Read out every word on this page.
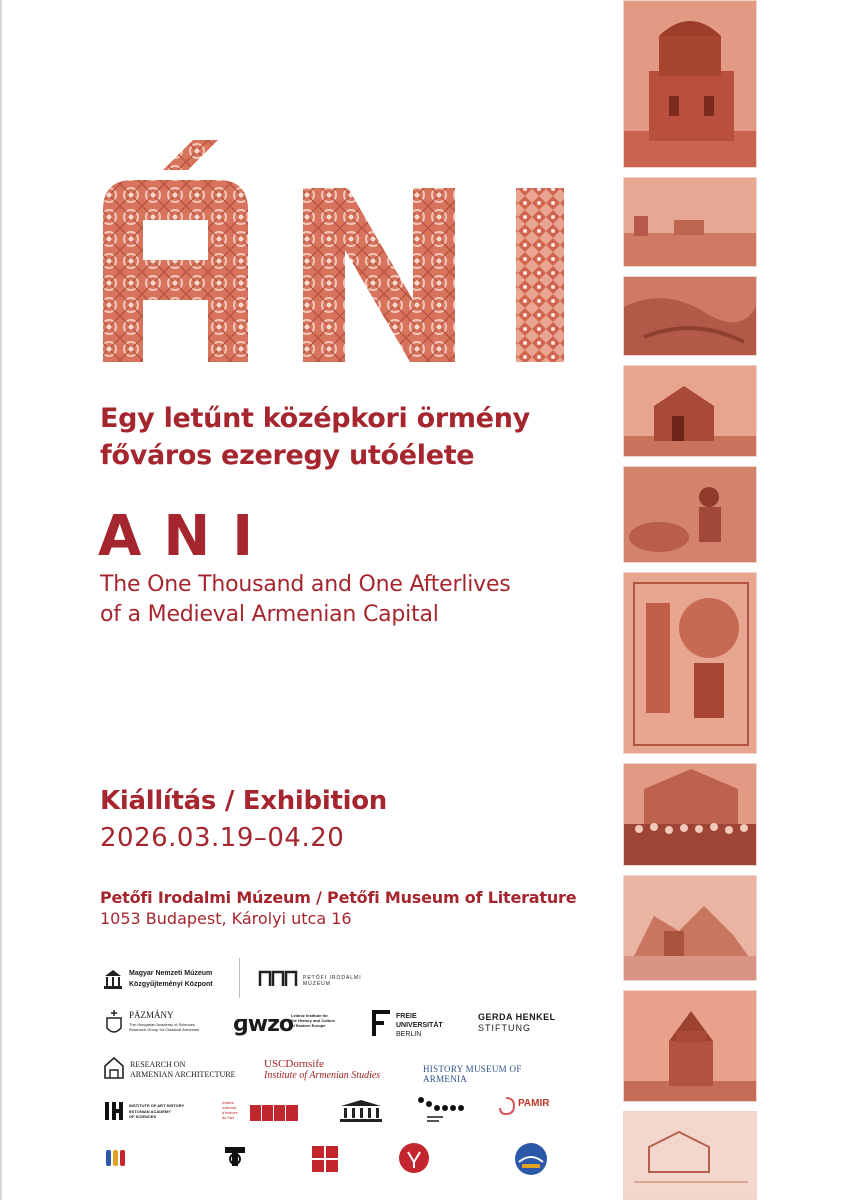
Egy letűnt középkori örmény
főváros ezeregy utóélete
ANI
The One Thousand and One Afterlives
of a Medieval Armenian Capital
Kiállítás / Exhibition
2026.03.19–04.20
Petőfi Irodalmi Múzeum / Petőfi Museum of Literature
1053 Budapest, Károlyi utca 16
Magyar Nemzeti Múzeum
Közgyűjteményi Központ
PETŐFI IRODALMI MÚZEUM
PÁZMÁNY
The Hungarian Academy of Sciences
Research Group for Classical Armenian ɡwzo
Leibniz Institute for
the History and Culture
of Eastern Europe
FREIE
UNIVERSITÄT
BERLIN
GERDA HENKEL
STIFTUNG
RESEARCH ON
ARMENIAN ARCHITECTURE
USCDornsife
Institute of Armenian Studies
HISTORY MUSEUM OF ARMENIA
INSTITUTE OF ART HISTORY
ESTONIAN ACADEMY
OF SCIENCES
Institut
national
d'histoire
de l'art
PAMIR
